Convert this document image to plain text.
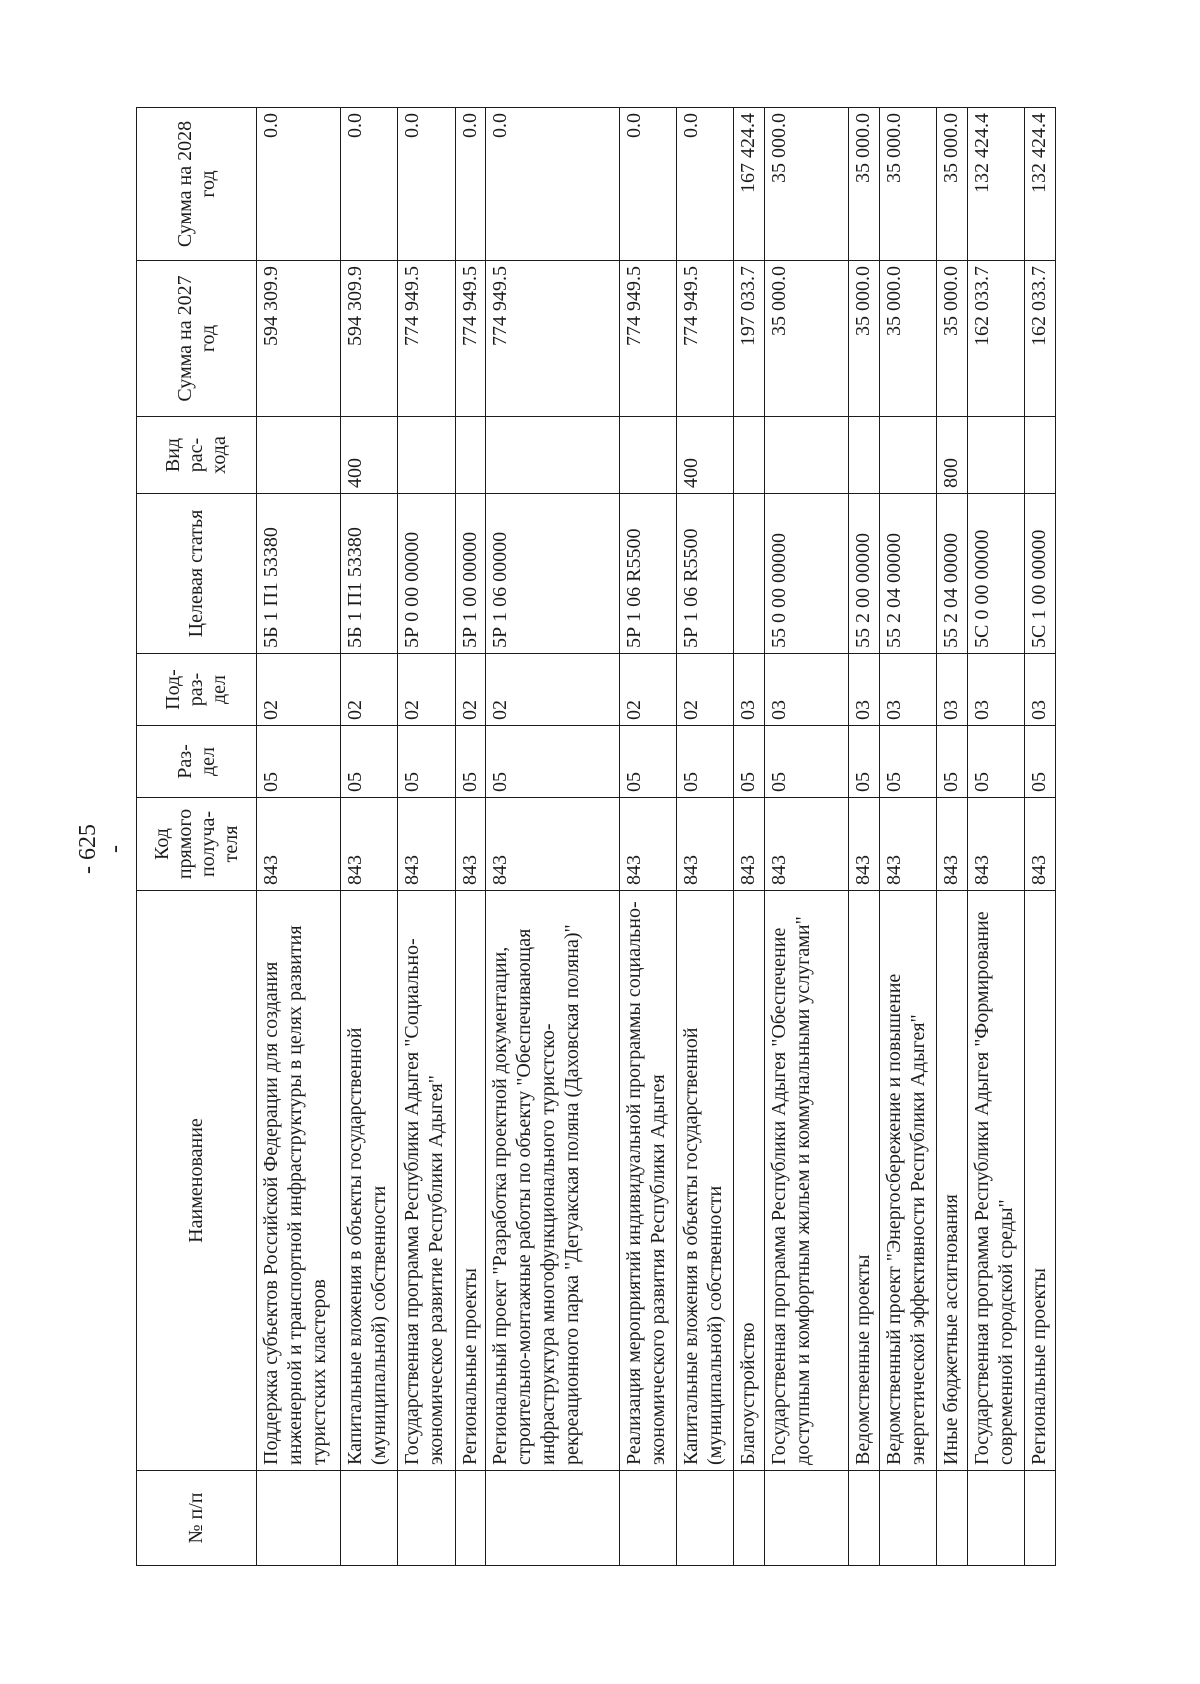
- 625 -
№ п/п	Наименование	Код прямого получа-теля	Раз-дел	Под-раз-дел	Целевая статья	Вид рас-хода	Сумма на 2027 год	Сумма на 2028 год
	Поддержка субъектов Российской Федерации для создания инженерной и транспортной инфраструктуры в целях развития туристских кластеров	843	05	02	5Б 1 П1 53380		594 309.9	0.0
	Капитальные вложения в объекты государственной (муниципальной) собственности	843	05	02	5Б 1 П1 53380	400	594 309.9	0.0
	Государственная программа Республики Адыгея "Социально-экономическое развитие Республики Адыгея"	843	05	02	5Р 0 00 00000		774 949.5	0.0
	Региональные проекты	843	05	02	5Р 1 00 00000		774 949.5	0.0
	Региональный проект "Разработка проектной документации, строительно-монтажные работы по объекту "Обеспечивающая инфраструктура многофункционального туристско-рекреационного парка "Дегуакская поляна (Даховская поляна)"	843	05	02	5Р 1 06 00000		774 949.5	0.0
	Реализация мероприятий индивидуальной программы социально-экономического развития Республики Адыгея	843	05	02	5Р 1 06 R5500		774 949.5	0.0
	Капитальные вложения в объекты государственной (муниципальной) собственности	843	05	02	5Р 1 06 R5500	400	774 949.5	0.0
	Благоустройство	843	05	03			197 033.7	167 424.4
	Государственная программа Республики Адыгея "Обеспечение доступным и комфортным жильем и коммунальными услугами"	843	05	03	55 0 00 00000		35 000.0	35 000.0
	Ведомственные проекты	843	05	03	55 2 00 00000		35 000.0	35 000.0
	Ведомственный проект "Энергосбережение и повышение энергетической эффективности Республики Адыгея"	843	05	03	55 2 04 00000		35 000.0	35 000.0
	Иные бюджетные ассигнования	843	05	03	55 2 04 00000	800	35 000.0	35 000.0
	Государственная программа Республики Адыгея "Формирование современной городской среды"	843	05	03	5С 0 00 00000		162 033.7	132 424.4
	Региональные проекты	843	05	03	5С 1 00 00000		162 033.7	132 424.4
